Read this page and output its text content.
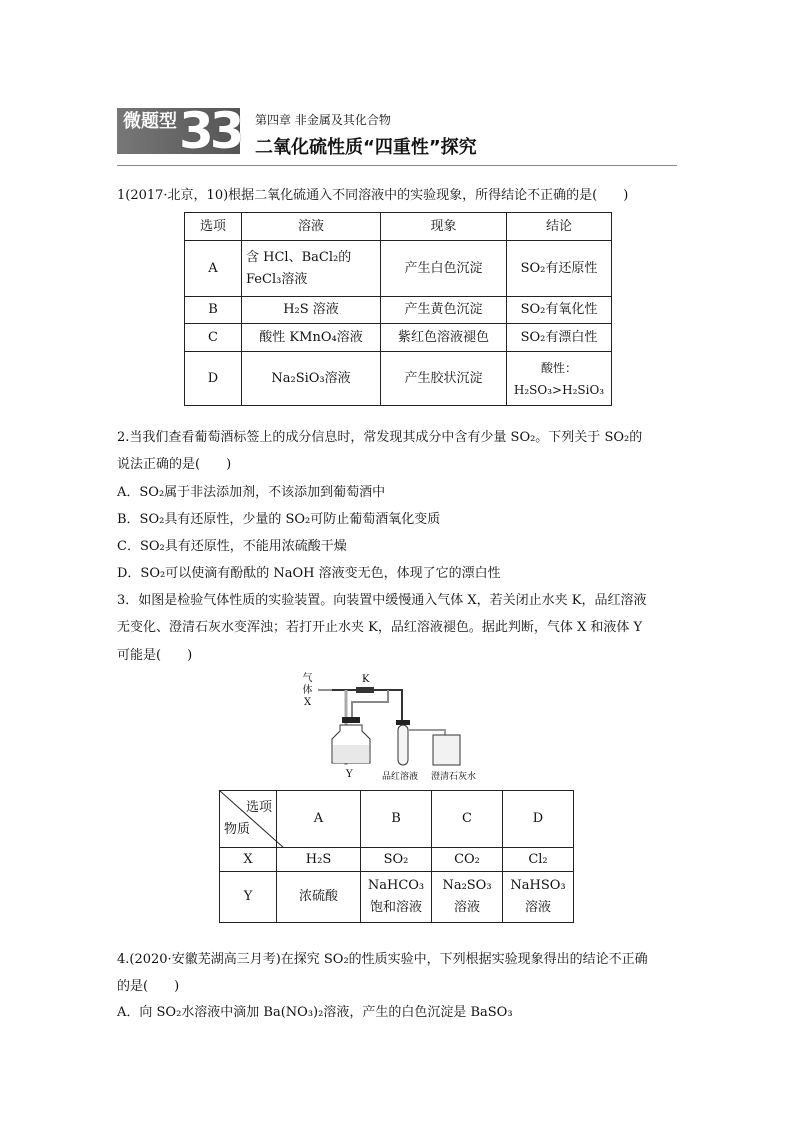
微题型 33 第四章 非金属及其化合物
二氧化硫性质“四重性”探究
1(2017·北京，10)根据二氧化硫通入不同溶液中的实验现象，所得结论不正确的是(　　)
选项	溶液	现象	结论
A	含 HCl、BaCl₂的 FeCl₃溶液	产生白色沉淀	SO₂有还原性
B	H₂S 溶液	产生黄色沉淀	SO₂有氧化性
C	酸性 KMnO₄溶液	紫红色溶液褪色	SO₂有漂白性
D	Na₂SiO₃溶液	产生胶状沉淀	酸性：H₂SO₃>H₂SiO₃
2.当我们查看葡萄酒标签上的成分信息时，常发现其成分中含有少量 SO₂。下列关于 SO₂的
说法正确的是(　　)
A．SO₂属于非法添加剂，不该添加到葡萄酒中
B．SO₂具有还原性，少量的 SO₂可防止葡萄酒氧化变质
C．SO₂具有还原性，不能用浓硫酸干燥
D．SO₂可以使滴有酚酞的 NaOH 溶液变无色，体现了它的漂白性
3．如图是检验气体性质的实验装置。向装置中缓慢通入气体 X，若关闭止水夹 K，品红溶液
无变化、澄清石灰水变浑浊；若打开止水夹 K，品红溶液褪色。据此判断，气体 X 和液体 Y
可能是(　　)
K
Y	品红溶液 澄清石灰水
气体X
选项
物质	A	B	C	D
X	H₂S	SO₂	CO₂	Cl₂
Y	浓硫酸	NaHCO₃ 饱和溶液	Na₂SO₃ 溶液	NaHSO₃ 溶液
4.(2020·安徽芜湖高三月考)在探究 SO₂的性质实验中，下列根据实验现象得出的结论不正确
的是(　　)
A．向 SO₂水溶液中滴加 Ba(NO₃)₂溶液，产生的白色沉淀是 BaSO₃
